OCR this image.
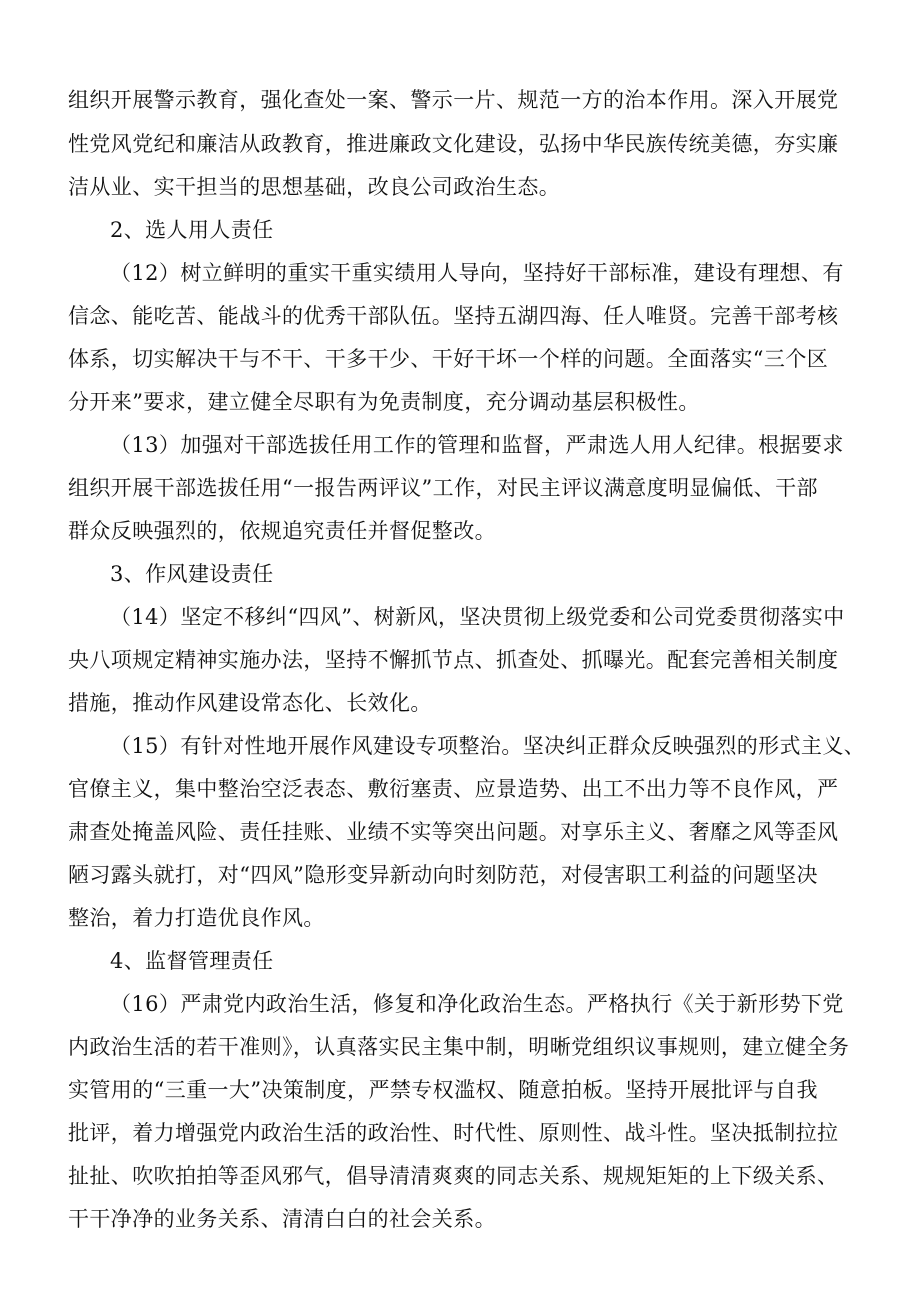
组织开展警示教育，强化查处一案、警示一片、规范一方的治本作用。深入开展党
性党风党纪和廉洁从政教育，推进廉政文化建设，弘扬中华民族传统美德，夯实廉
洁从业、实干担当的思想基础，改良公司政治生态。
2、选人用人责任
（12）树立鲜明的重实干重实绩用人导向，坚持好干部标准，建设有理想、有
信念、能吃苦、能战斗的优秀干部队伍。坚持五湖四海、任人唯贤。完善干部考核
体系，切实解决干与不干、干多干少、干好干坏一个样的问题。全面落实“三个区
分开来”要求，建立健全尽职有为免责制度，充分调动基层积极性。
（13）加强对干部选拔任用工作的管理和监督，严肃选人用人纪律。根据要求
组织开展干部选拔任用“一报告两评议”工作，对民主评议满意度明显偏低、干部
群众反映强烈的，依规追究责任并督促整改。
3、作风建设责任
（14）坚定不移纠“四风”、树新风，坚决贯彻上级党委和公司党委贯彻落实中
央八项规定精神实施办法，坚持不懈抓节点、抓查处、抓曝光。配套完善相关制度
措施，推动作风建设常态化、长效化。
（15）有针对性地开展作风建设专项整治。坚决纠正群众反映强烈的形式主义、
官僚主义，集中整治空泛表态、敷衍塞责、应景造势、出工不出力等不良作风，严
肃查处掩盖风险、责任挂账、业绩不实等突出问题。对享乐主义、奢靡之风等歪风
陋习露头就打，对“四风”隐形变异新动向时刻防范，对侵害职工利益的问题坚决
整治，着力打造优良作风。
4、监督管理责任
（16）严肃党内政治生活，修复和净化政治生态。严格执行《关于新形势下党
内政治生活的若干准则》，认真落实民主集中制，明晰党组织议事规则，建立健全务
实管用的“三重一大”决策制度，严禁专权滥权、随意拍板。坚持开展批评与自我
批评，着力增强党内政治生活的政治性、时代性、原则性、战斗性。坚决抵制拉拉
扯扯、吹吹拍拍等歪风邪气，倡导清清爽爽的同志关系、规规矩矩的上下级关系、
干干净净的业务关系、清清白白的社会关系。
